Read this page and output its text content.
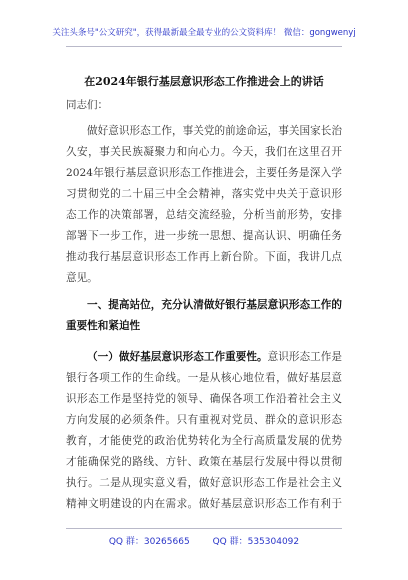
关注头条号"公文研究"，获得最新最全最专业的公文资料库！ 微信：gongwenyj
在2024年银行基层意识形态工作推进会上的讲话
同志们：
做好意识形态工作，事关党的前途命运，事关国家长治
久安，事关民族凝聚力和向心力。今天，我们在这里召开
2024年银行基层意识形态工作推进会，主要任务是深入学
习贯彻党的二十届三中全会精神，落实党中央关于意识形
态工作的决策部署，总结交流经验，分析当前形势，安排
部署下一步工作，进一步统一思想、提高认识、明确任务
推动我行基层意识形态工作再上新台阶。下面，我讲几点
意见。
一、提高站位，充分认清做好银行基层意识形态工作的
重要性和紧迫性
（一）做好基层意识形态工作重要性。意识形态工作是
银行各项工作的生命线。一是从核心地位看，做好基层意
识形态工作是坚持党的领导、确保各项工作沿着社会主义
方向发展的必须条件。只有重视对党员、群众的意识形态
教育，才能使党的政治优势转化为全行高质量发展的优势
才能确保党的路线、方针、政策在基层行发展中得以贯彻
执行。二是从现实意义看，做好意识形态工作是社会主义
精神文明建设的内在需求。做好基层意识形态工作有利于
QQ 群：30265665	QQ 群：535304092
